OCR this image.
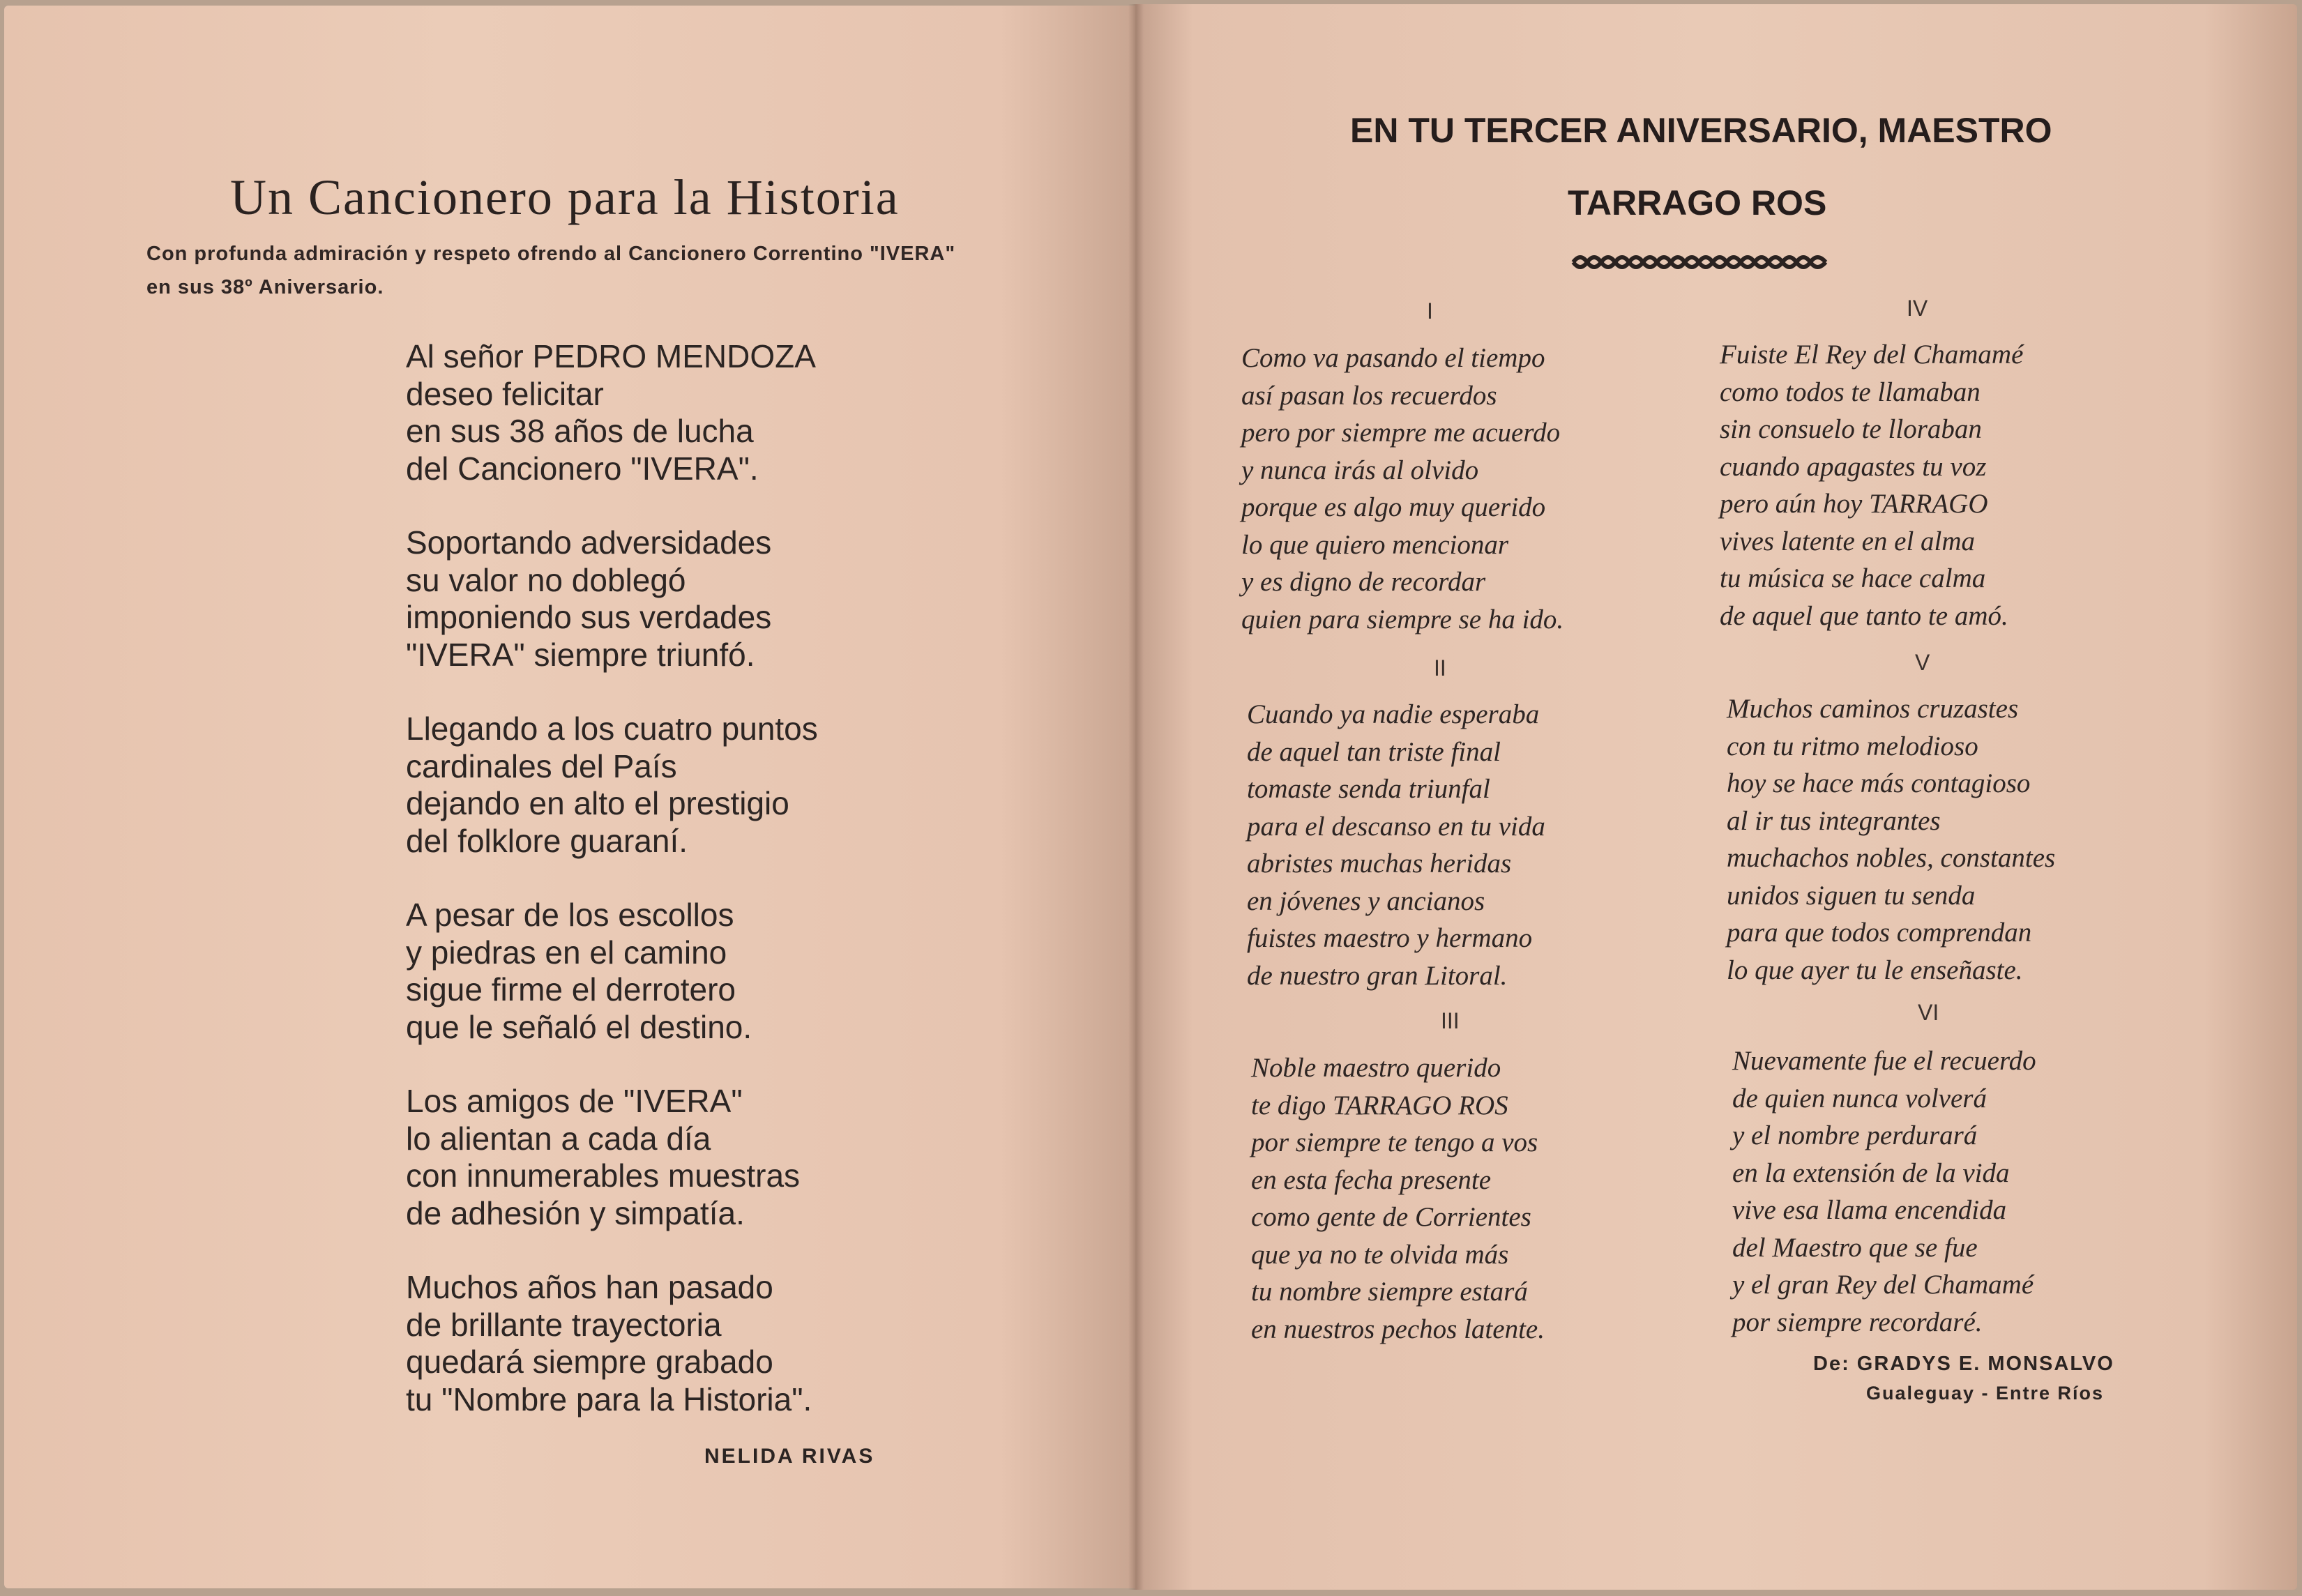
Un Cancionero para la Historia
Con profunda admiración y respeto ofrendo al Cancionero Correntino "IVERA"
en sus 38º Aniversario.
Al señor PEDRO MENDOZA
deseo felicitar
en sus 38 años de lucha
del Cancionero "IVERA".
Soportando adversidades
su valor no doblegó
imponiendo sus verdades
"IVERA" siempre triunfó.
Llegando a los cuatro puntos
cardinales del País
dejando en alto el prestigio
del folklore guaraní.
A pesar de los escollos
y piedras en el camino
sigue firme el derrotero
que le señaló el destino.
Los amigos de "IVERA"
lo alientan a cada día
con innumerables muestras
de adhesión y simpatía.
Muchos años han pasado
de brillante trayectoria
quedará siempre grabado
tu "Nombre para la Historia".
NELIDA RIVAS
EN TU TERCER ANIVERSARIO, MAESTRO
TARRAGO ROS
I
Como va pasando el tiempo
así pasan los recuerdos
pero por siempre me acuerdo
y nunca irás al olvido
porque es algo muy querido
lo que quiero mencionar
y es digno de recordar
quien para siempre se ha ido.
II
Cuando ya nadie esperaba
de aquel tan triste final
tomaste senda triunfal
para el descanso en tu vida
abristes muchas heridas
en jóvenes y ancianos
fuistes maestro y hermano
de nuestro gran Litoral.
III
Noble maestro querido
te digo TARRAGO ROS
por siempre te tengo a vos
en esta fecha presente
como gente de Corrientes
que ya no te olvida más
tu nombre siempre estará
en nuestros pechos latente.
IV
Fuiste El Rey del Chamamé
como todos te llamaban
sin consuelo te lloraban
cuando apagastes tu voz
pero aún hoy TARRAGO
vives latente en el alma
tu música se hace calma
de aquel que tanto te amó.
V
Muchos caminos cruzastes
con tu ritmo melodioso
hoy se hace más contagioso
al ir tus integrantes
muchachos nobles, constantes
unidos siguen tu senda
para que todos comprendan
lo que ayer tu le enseñaste.
VI
Nuevamente fue el recuerdo
de quien nunca volverá
y el nombre perdurará
en la extensión de la vida
vive esa llama encendida
del Maestro que se fue
y el gran Rey del Chamamé
por siempre recordaré.
De: GRADYS E. MONSALVO
Gualeguay - Entre Ríos
